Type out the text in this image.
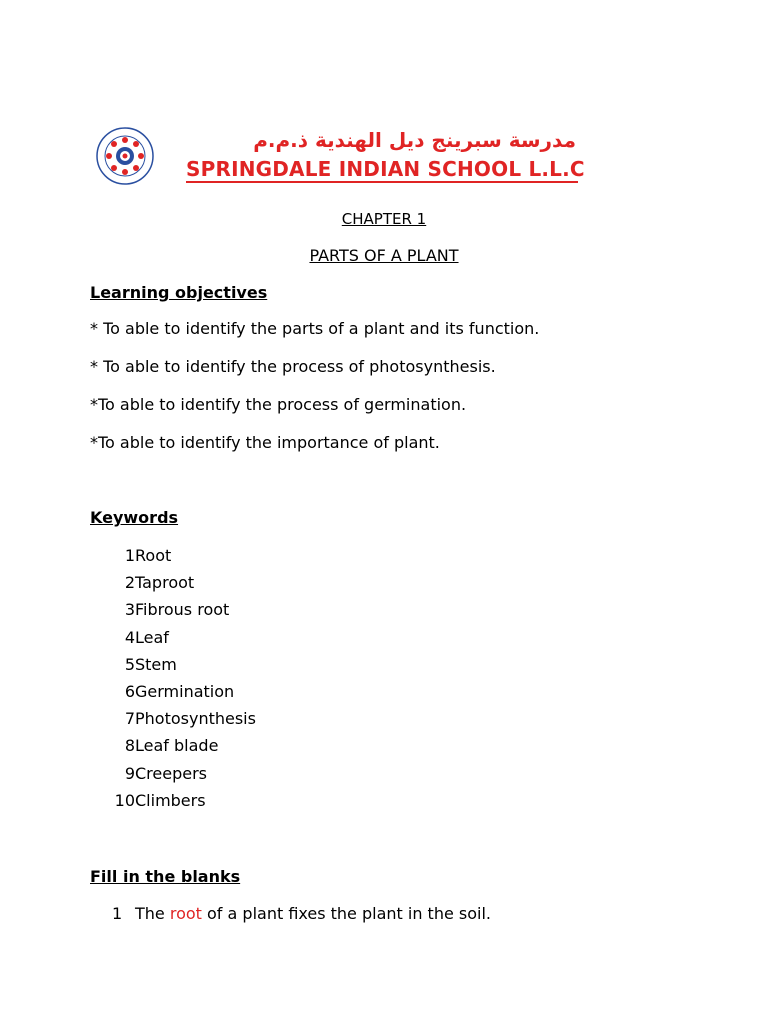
مدرسة سبرينج ديل الهندية ذ.م.م
SPRINGDALE INDIAN SCHOOL L.L.C
CHAPTER 1
PARTS OF A PLANT
Learning objectives
* To able to identify the parts of a plant and its function.
* To able to identify the process of photosynthesis.
*To able to identify the process of germination.
*To able to identify the importance of plant.
Keywords
1 Root
2 Taproot
3 Fibrous root
4 Leaf
5 Stem
6 Germination
7 Photosynthesis
8 Leaf blade
9 Creepers
10 Climbers
Fill in the blanks
1 The root of a plant fixes the plant in the soil.
